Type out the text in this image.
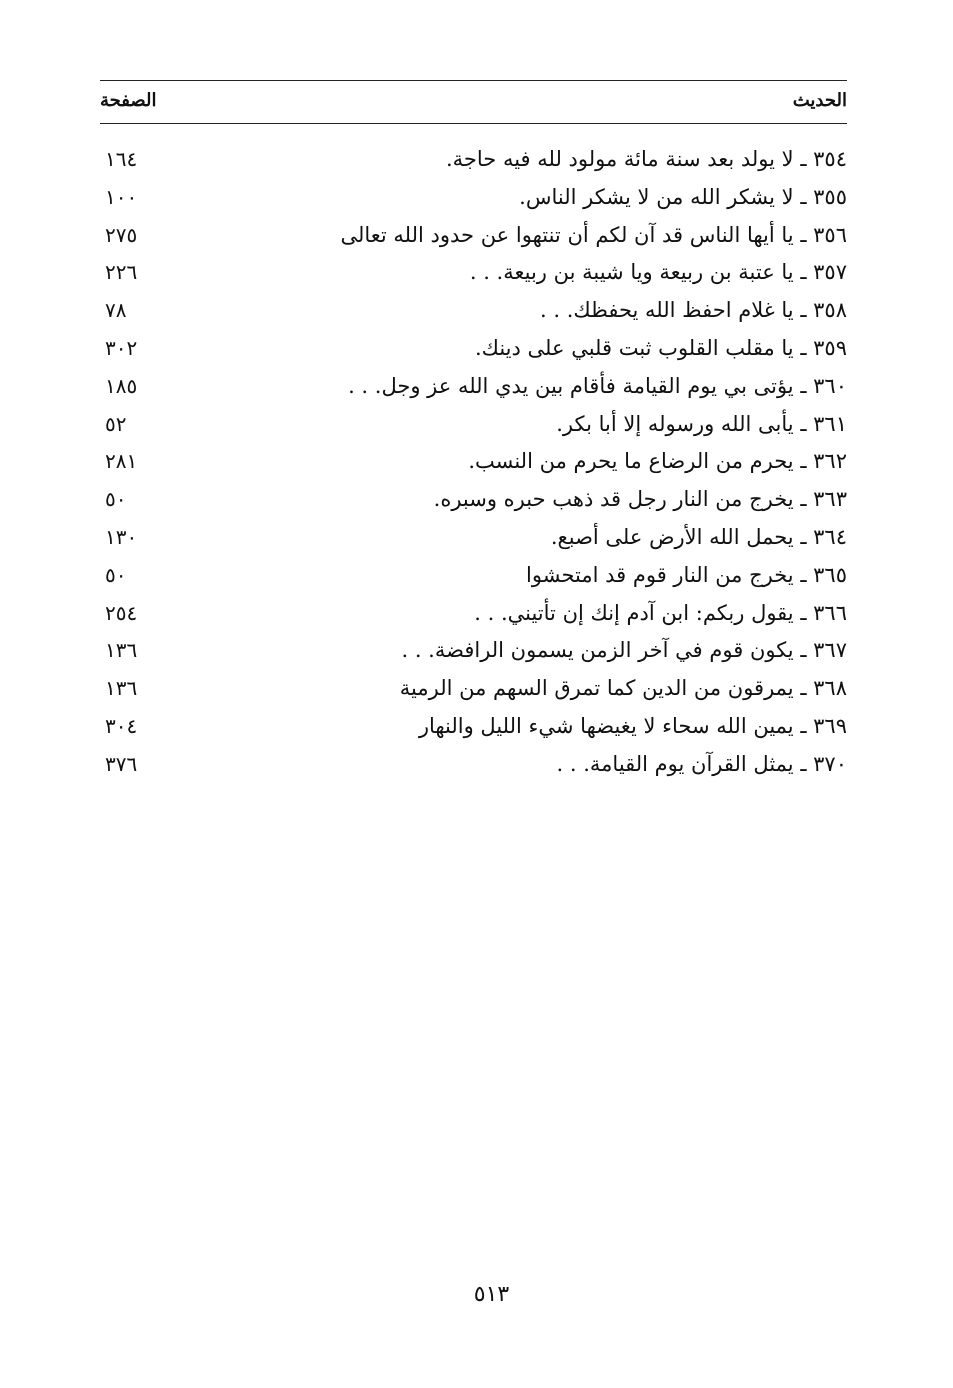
الحديث
الصفحة
٣٥٤ ـ لا يولد بعد سنة مائة مولود لله فيه حاجة.
١٦٤
٣٥٥ ـ لا يشكر الله من لا يشكر الناس.
١٠٠
٣٥٦ ـ يا أيها الناس قد آن لكم أن تنتهوا عن حدود الله تعالى
٢٧٥
٣٥٧ ـ يا عتبة بن ربيعة ويا شيبة بن ربيعة. . .
٢٢٦
٣٥٨ ـ يا غلام احفظ الله يحفظك. . .
٧٨
٣٥٩ ـ يا مقلب القلوب ثبت قلبي على دينك.
٣٠٢
٣٦٠ ـ يؤتى بي يوم القيامة فأقام بين يدي الله عز وجل. . .
١٨٥
٣٦١ ـ يأبى الله ورسوله إلا أبا بكر.
٥٢
٣٦٢ ـ يحرم من الرضاع ما يحرم من النسب.
٢٨١
٣٦٣ ـ يخرج من النار رجل قد ذهب حبره وسبره.
٥٠
٣٦٤ ـ يحمل الله الأرض على أصبع.
١٣٠
٣٦٥ ـ يخرج من النار قوم قد امتحشوا
٥٠
٣٦٦ ـ يقول ربكم: ابن آدم إنك إن تأتيني. . .
٢٥٤
٣٦٧ ـ يكون قوم في آخر الزمن يسمون الرافضة. . .
١٣٦
٣٦٨ ـ يمرقون من الدين كما تمرق السهم من الرمية
١٣٦
٣٦٩ ـ يمين الله سحاء لا يغيضها شيء الليل والنهار
٣٠٤
٣٧٠ ـ يمثل القرآن يوم القيامة. . .
٣٧٦
٥١٣
